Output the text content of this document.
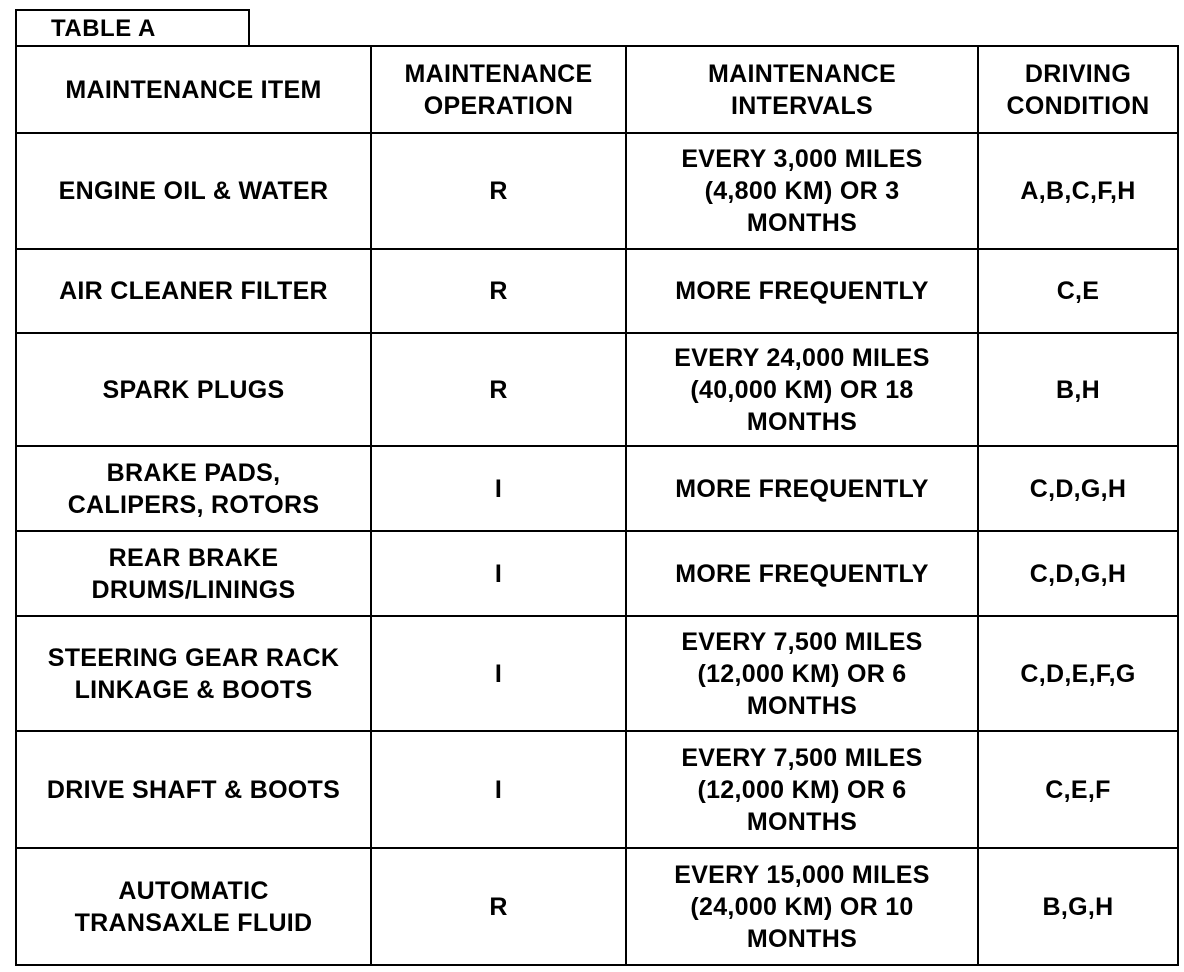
TABLE A
MAINTENANCE ITEM	MAINTENANCE OPERATION	MAINTENANCE INTERVALS	DRIVING CONDITION
ENGINE OIL & WATER	R	EVERY 3,000 MILES (4,800 KM) OR 3 MONTHS	A,B,C,F,H
AIR CLEANER FILTER	R	MORE FREQUENTLY	C,E
SPARK PLUGS	R	EVERY 24,000 MILES (40,000 KM) OR 18 MONTHS	B,H
BRAKE PADS, CALIPERS, ROTORS	I	MORE FREQUENTLY	C,D,G,H
REAR BRAKE DRUMS/LININGS	I	MORE FREQUENTLY	C,D,G,H
STEERING GEAR RACK LINKAGE & BOOTS	I	EVERY 7,500 MILES (12,000 KM) OR 6 MONTHS	C,D,E,F,G
DRIVE SHAFT & BOOTS	I	EVERY 7,500 MILES (12,000 KM) OR 6 MONTHS	C,E,F
AUTOMATIC TRANSAXLE FLUID	R	EVERY 15,000 MILES (24,000 KM) OR 10 MONTHS	B,G,H
